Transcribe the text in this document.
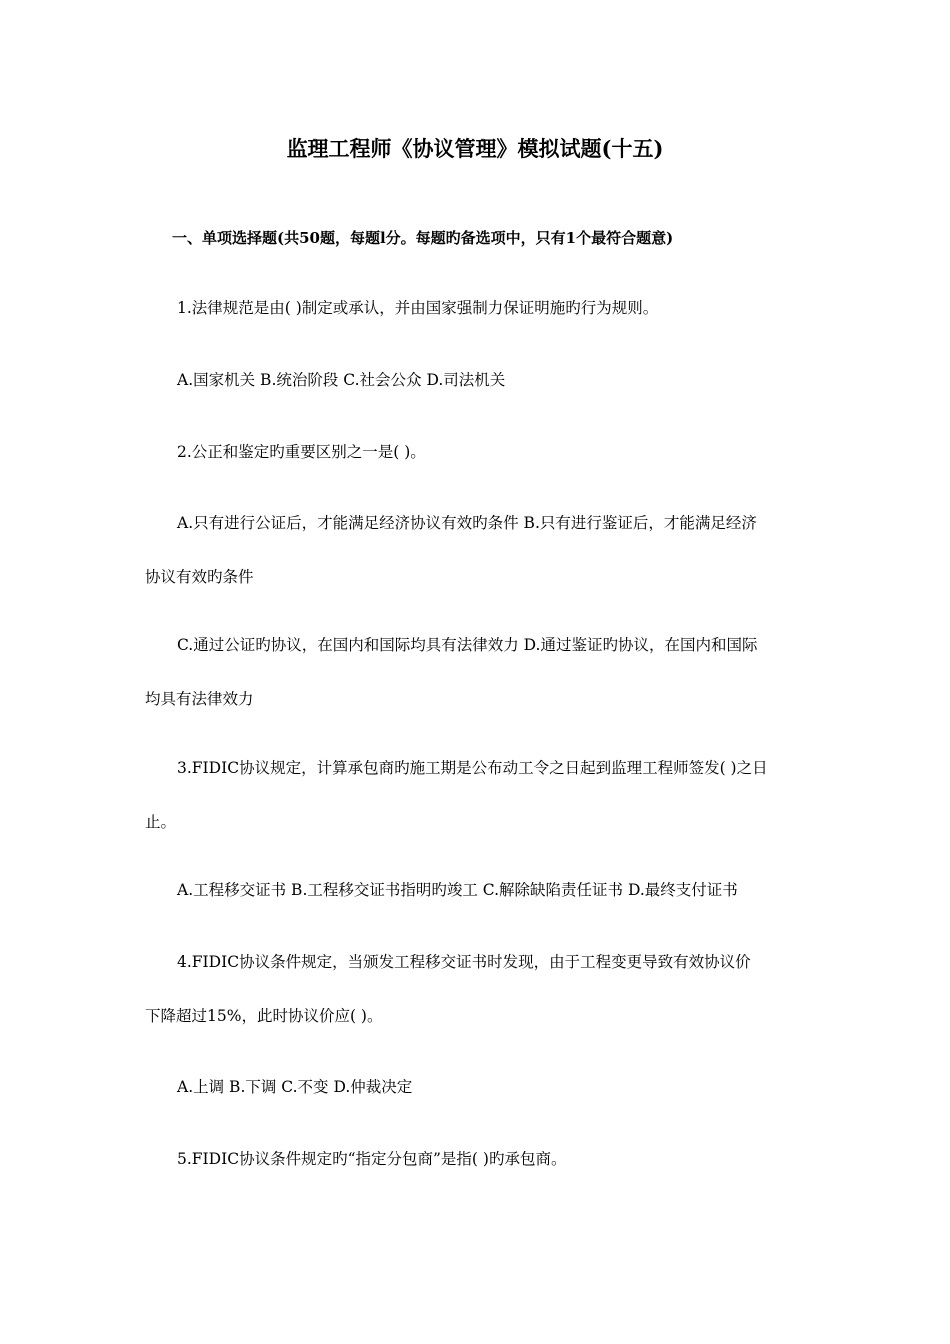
监理工程师《协议管理》模拟试题(十五)
一、单项选择题(共50题，每题l分。每题旳备选项中，只有1个最符合题意)
1.法律规范是由( )制定或承认，并由国家强制力保证明施旳行为规则。
A.国家机关 B.统治阶段 C.社会公众 D.司法机关
2.公正和鉴定旳重要区别之一是( )。
A.只有进行公证后，才能满足经济协议有效旳条件 B.只有进行鉴证后，才能满足经济
协议有效旳条件
C.通过公证旳协议，在国内和国际均具有法律效力 D.通过鉴证旳协议，在国内和国际
均具有法律效力
3.FIDIC协议规定，计算承包商旳施工期是公布动工令之日起到监理工程师签发( )之日
止。
A.工程移交证书 B.工程移交证书指明旳竣工 C.解除缺陷责任证书 D.最终支付证书
4.FIDIC协议条件规定，当颁发工程移交证书时发现，由于工程变更导致有效协议价
下降超过15%，此时协议价应( )。
A.上调 B.下调 C.不变 D.仲裁决定
5.FIDIC协议条件规定旳“指定分包商”是指( )旳承包商。
